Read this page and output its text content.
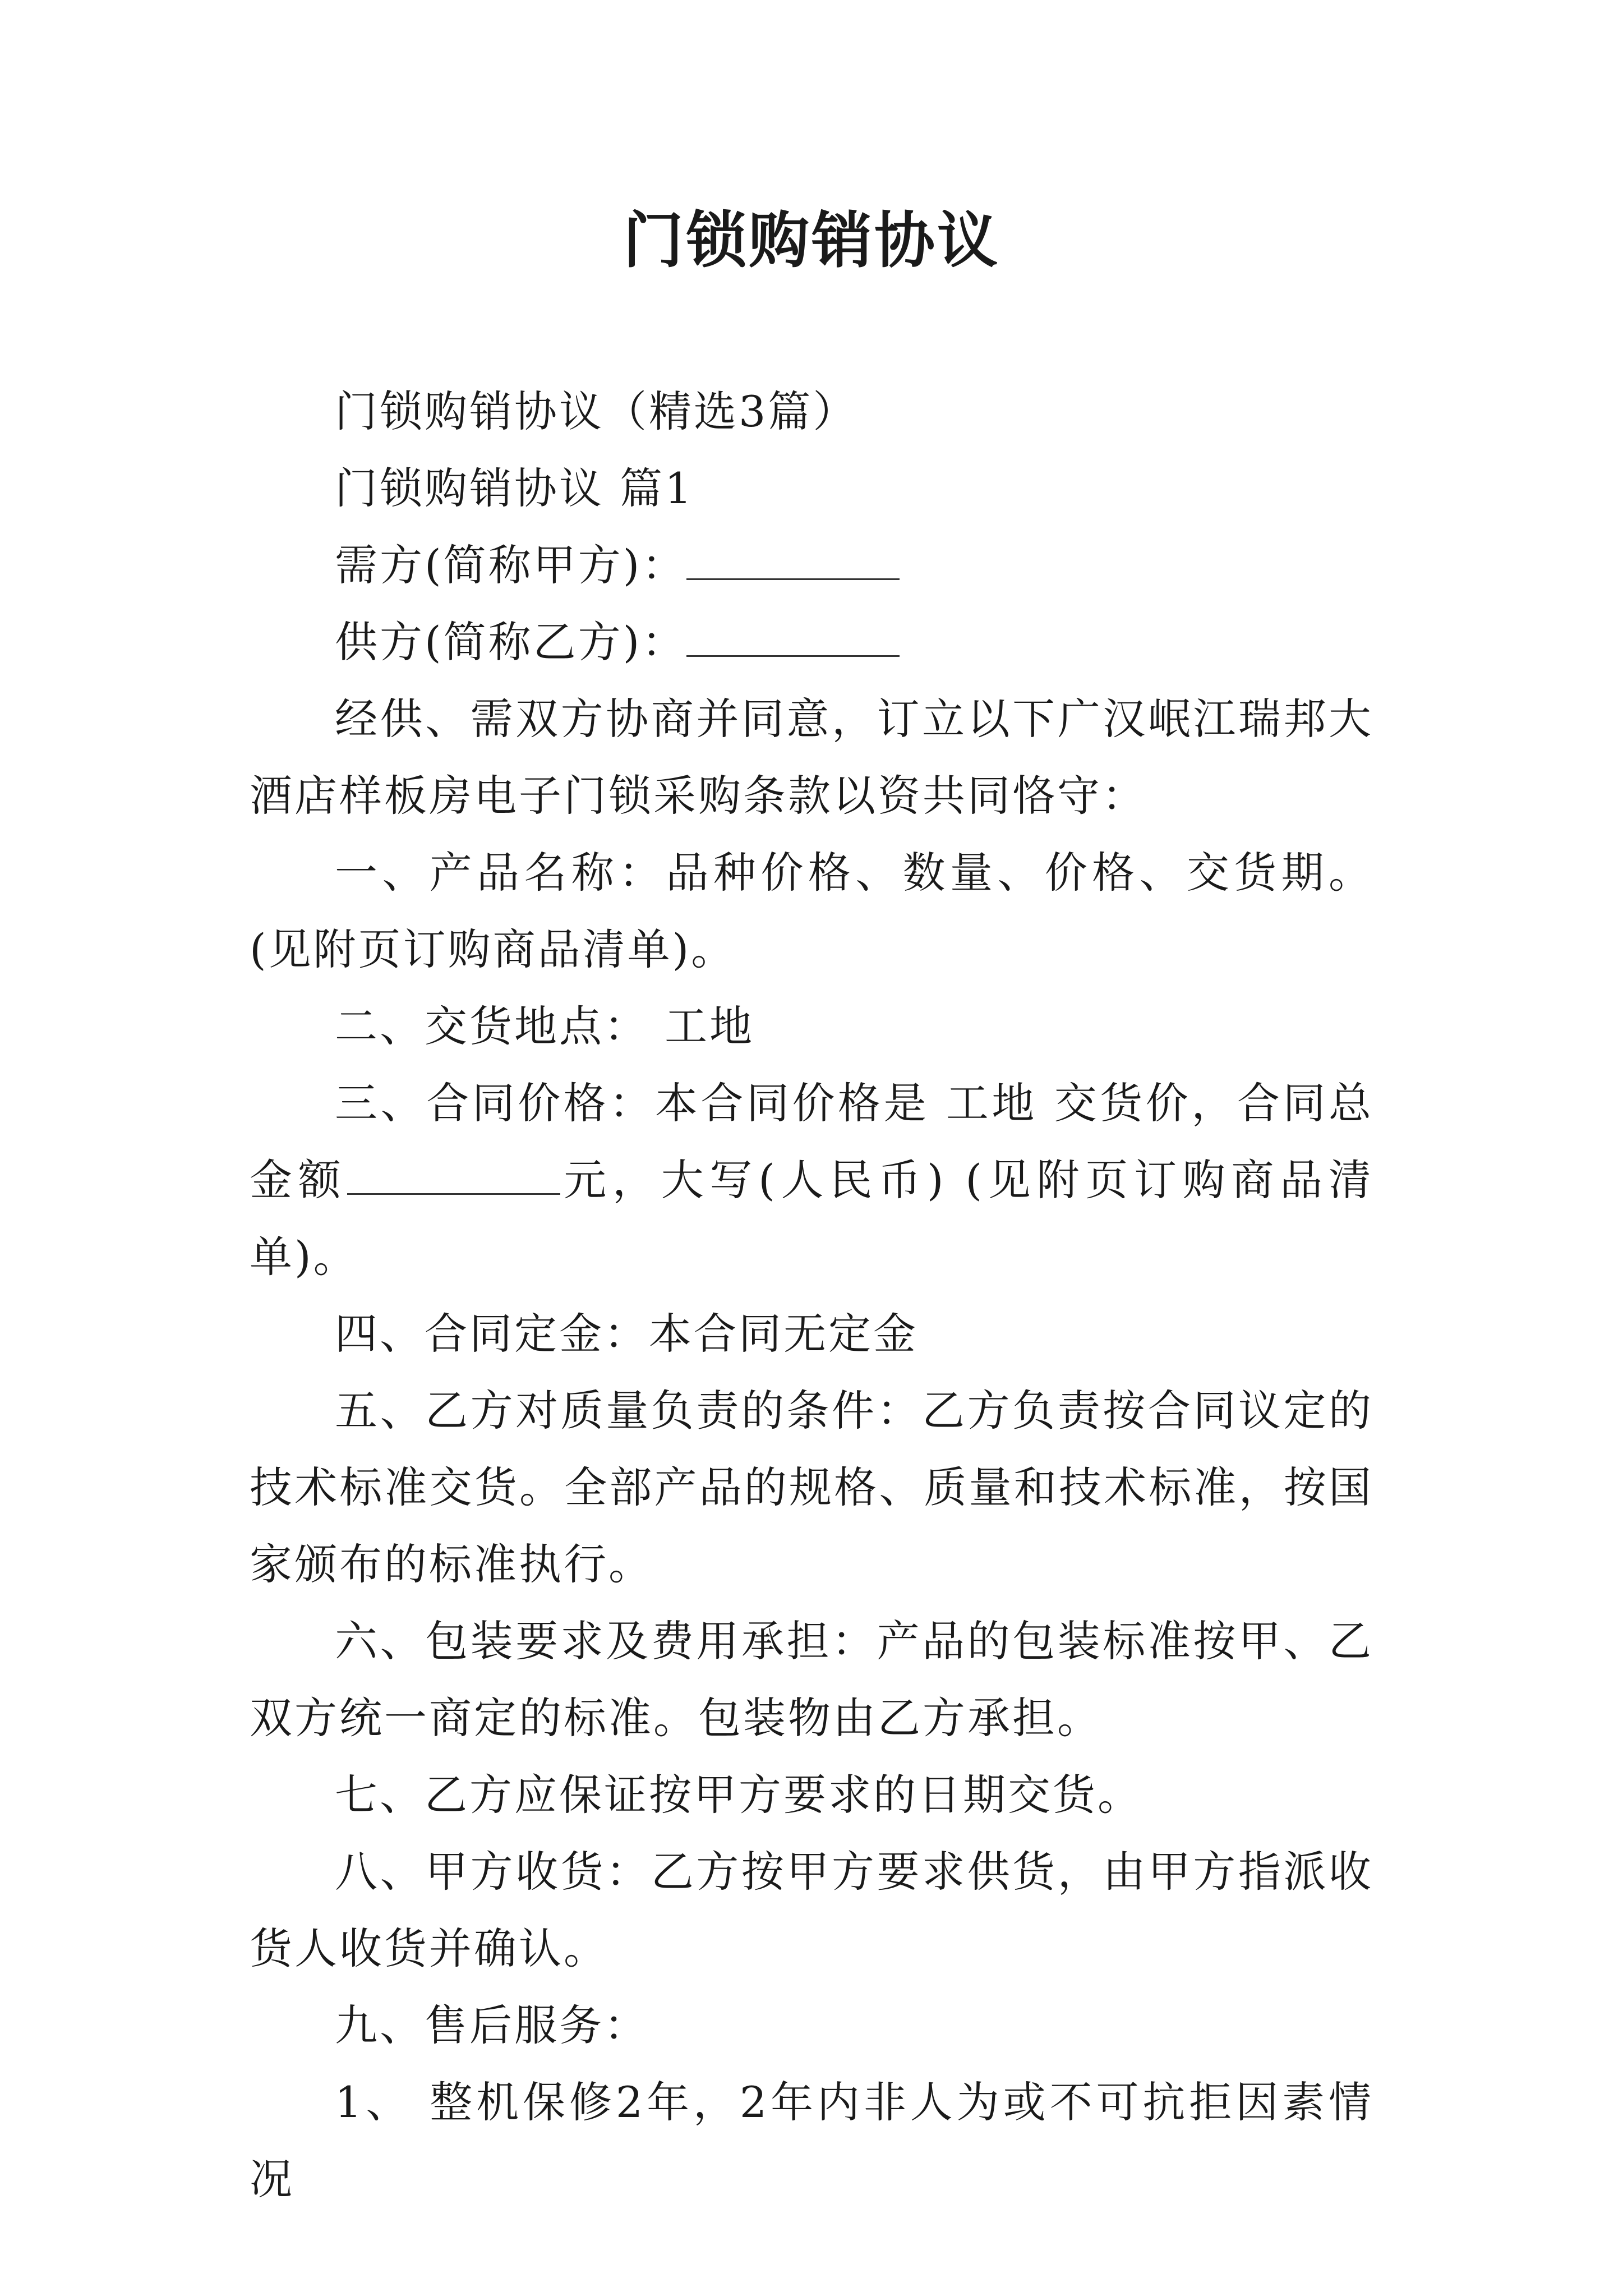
门锁购销协议

门锁购销协议（精选3篇）

门锁购销协议 篇1

需方(简称甲方)：

供方(简称乙方)：

经供、需双方协商并同意，订立以下广汉岷江瑞邦大酒店样板房电子门锁采购条款以资共同恪守：

一、产品名称：品种价格、数量、价格、交货期。(见附页订购商品清单)。

二、交货地点： 工地

三、合同价格：本合同价格是 工地 交货价，合同总金额	元，大写(人民币) (见附页订购商品清单)。

四、合同定金：本合同无定金

五、乙方对质量负责的条件：乙方负责按合同议定的技术标准交货。全部产品的规格、质量和技术标准，按国家颁布的标准执行。

六、包装要求及费用承担：产品的包装标准按甲、乙双方统一商定的标准。包装物由乙方承担。

七、乙方应保证按甲方要求的日期交货。

八、甲方收货：乙方按甲方要求供货，由甲方指派收货人收货并确认。

九、售后服务：

1、 整机保修2年，2年内非人为或不可抗拒因素情况
